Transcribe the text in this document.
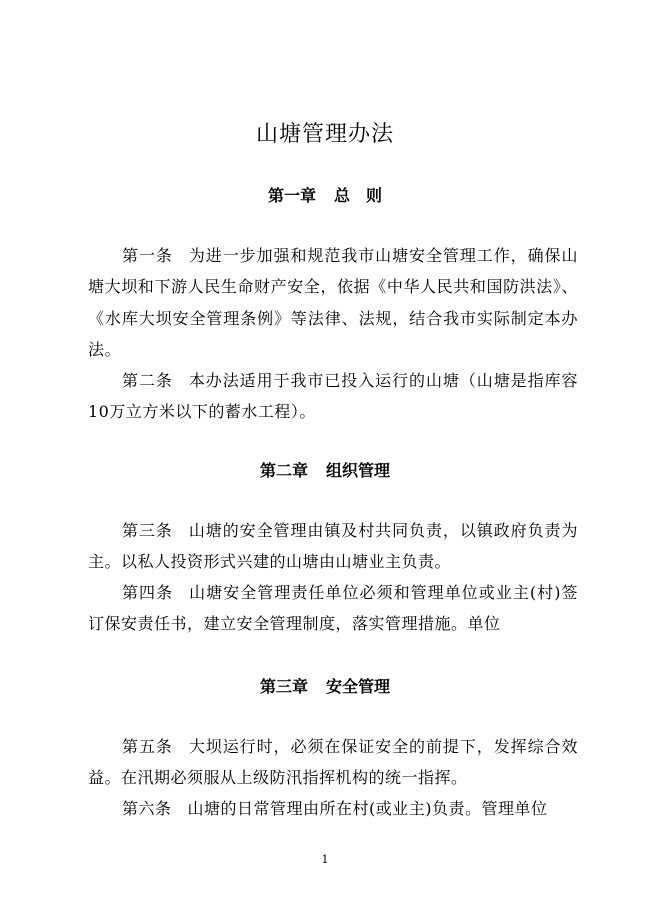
山塘管理办法
第一章 总　则
第一条 为进一步加强和规范我市山塘安全管理工作，确保山塘大坝和下游人民生命财产安全，依据《中华人民共和国防洪法》、《水库大坝安全管理条例》等法律、法规，结合我市实际制定本办法。
第二条 本办法适用于我市已投入运行的山塘（山塘是指库容10万立方米以下的蓄水工程）。
第二章 组织管理
第三条 山塘的安全管理由镇及村共同负责，以镇政府负责为主。以私人投资形式兴建的山塘由山塘业主负责。
第四条 山塘安全管理责任单位必须和管理单位或业主(村)签订保安责任书，建立安全管理制度，落实管理措施。单位
第三章 安全管理
第五条 大坝运行时，必须在保证安全的前提下，发挥综合效益。在汛期必须服从上级防汛指挥机构的统一指挥。
第六条 山塘的日常管理由所在村(或业主)负责。管理单位
1
